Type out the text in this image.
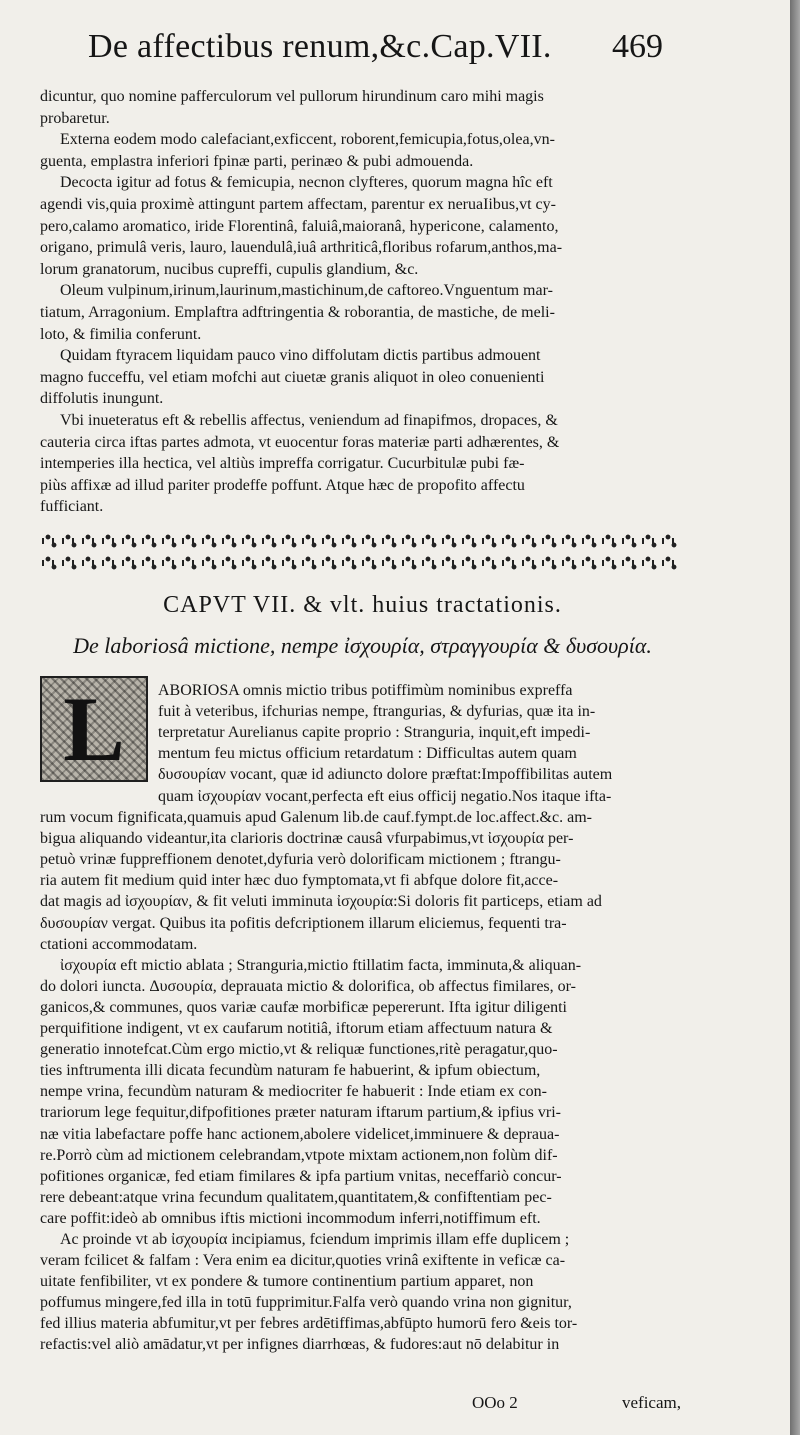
De affectibus renum,&c.Cap.VII.	469

dicuntur, quo nomine pafferculorum vel pullorum hirundinum caro mihi magis

probaretur.

Externa eodem modo calefaciant,exficcent, roborent,femicupia,fotus,olea,vn-

guenta, emplastra inferiori fpinæ parti, perinæo & pubi admouenda.

Decocta igitur ad fotus & femicupia, necnon clyfteres, quorum magna hîc eft

agendi vis,quia proximè attingunt partem affectam, parentur ex neruaIibus,vt cy-

pero,calamo aromatico, iride Florentinâ, faluiâ,maioranâ, hypericone, calamento,

origano, primulâ veris, lauro, lauendulâ,iuâ arthriticâ,floribus rofarum,anthos,ma-

lorum granatorum, nucibus cupreffi, cupulis glandium, &c.

Oleum vulpinum,irinum,laurinum,mastichinum,de caftoreo.Vnguentum mar-

tiatum, Arragonium. Emplaftra adftringentia & roborantia, de mastiche, de meli-

loto, & fimilia conferunt.

Quidam ftyracem liquidam pauco vino diffolutam dictis partibus admouent

magno fucceffu, vel etiam mofchi aut ciuetæ granis aliquot in oleo conuenienti

diffolutis inungunt.

Vbi inueteratus eft & rebellis affectus, veniendum ad finapifmos, dropaces, &

cauteria circa iftas partes admota, vt euocentur foras materiæ parti adhærentes, &

intemperies illa hectica, vel altiùs impreffa corrigatur. Cucurbitulæ pubi fæ-

piùs affixæ ad illud pariter prodeffe poffunt. Atque hæc de propofito affectu

fufficiant.

CAPVT VII. & vlt. huius tractationis.
De laboriosâ mictione, nempe ἰσχουρία, στραγγουρία & δυσουρία.
L	ABORIOSA omnis mictio tribus potiffimùm nominibus expreffa

fuit à veteribus, ifchurias nempe, ftrangurias, & dyfurias, quæ ita in-

terpretatur Aurelianus capite proprio : Stranguria, inquit,eft impedi-

mentum feu mictus officium retardatum : Difficultas autem quam

δυσουρίαν vocant, quæ id adiuncto dolore præftat:Impoffibilitas autem

quam ἰσχουρίαν vocant,perfecta eft eius officij negatio.Nos itaque ifta-

rum vocum fignificata,quamuis apud Galenum lib.de cauf.fympt.de loc.affect.&c. am-

bigua aliquando videantur,ita clarioris doctrinæ causâ vfurpabimus,vt ἰσχουρία per-

petuò vrinæ fuppreffionem denotet,dyfuria verò dolorificam mictionem ; ftrangu-

ria autem fit medium quid inter hæc duo fymptomata,vt fi abfque dolore fit,acce-

dat magis ad ἰσχουρίαν, & fit veluti imminuta ἰσχουρία:Si doloris fit particeps, etiam ad

δυσουρίαν vergat. Quibus ita pofitis defcriptionem illarum eliciemus, fequenti tra-

ctationi accommodatam.

ἰσχουρία eft mictio ablata ; Stranguria,mictio ftillatim facta, imminuta,& aliquan-

do dolori iuncta. Δυσουρία, deprauata mictio & dolorifica, ob affectus fimilares, or-

ganicos,& communes, quos variæ caufæ morbificæ pepererunt. Ifta igitur diligenti

perquifitione indigent, vt ex caufarum notitiâ, iftorum etiam affectuum natura &

generatio innotefcat.Cùm ergo mictio,vt & reliquæ functiones,ritè peragatur,quo-

ties inftrumenta illi dicata fecundùm naturam fe habuerint, & ipfum obiectum,

nempe vrina, fecundùm naturam & mediocriter fe habuerit : Inde etiam ex con-

trariorum lege fequitur,difpofitiones præter naturam iftarum partium,& ipfius vri-

næ vitia labefactare poffe hanc actionem,abolere videlicet,imminuere & deprauа-

re.Porrò cùm ad mictionem celebrandam,vtpote mixtam actionem,non folùm dif-

pofitiones organicæ, fed etiam fimilares & ipfa partium vnitas, neceffariò concur-

rere debeant:atque vrina fecundum qualitatem,quantitatem,& confiftentiam pec-

care poffit:ideò ab omnibus iftis mictioni incommodum inferri,notiffimum eft.

Ac proinde vt ab ἰσχουρία incipiamus, fciendum imprimis illam effe duplicem ;

veram fcilicet & falfam : Vera enim ea dicitur,quoties vrinâ exiftente in veficæ ca-

uitate fenfibiliter, vt ex pondere & tumore continentium partium apparet, non

poffumus mingere,fed illa in totū fupprimitur.Falfa verò quando vrina non gignitur,

fed illius materia abfumitur,vt per febres ardētiffimas,abfūpto humorū fero &eis tor-

refactis:vel aliò amādatur,vt per infignes diarrhœas, & fudores:aut nō delabitur in

OOo 2	veficam,
